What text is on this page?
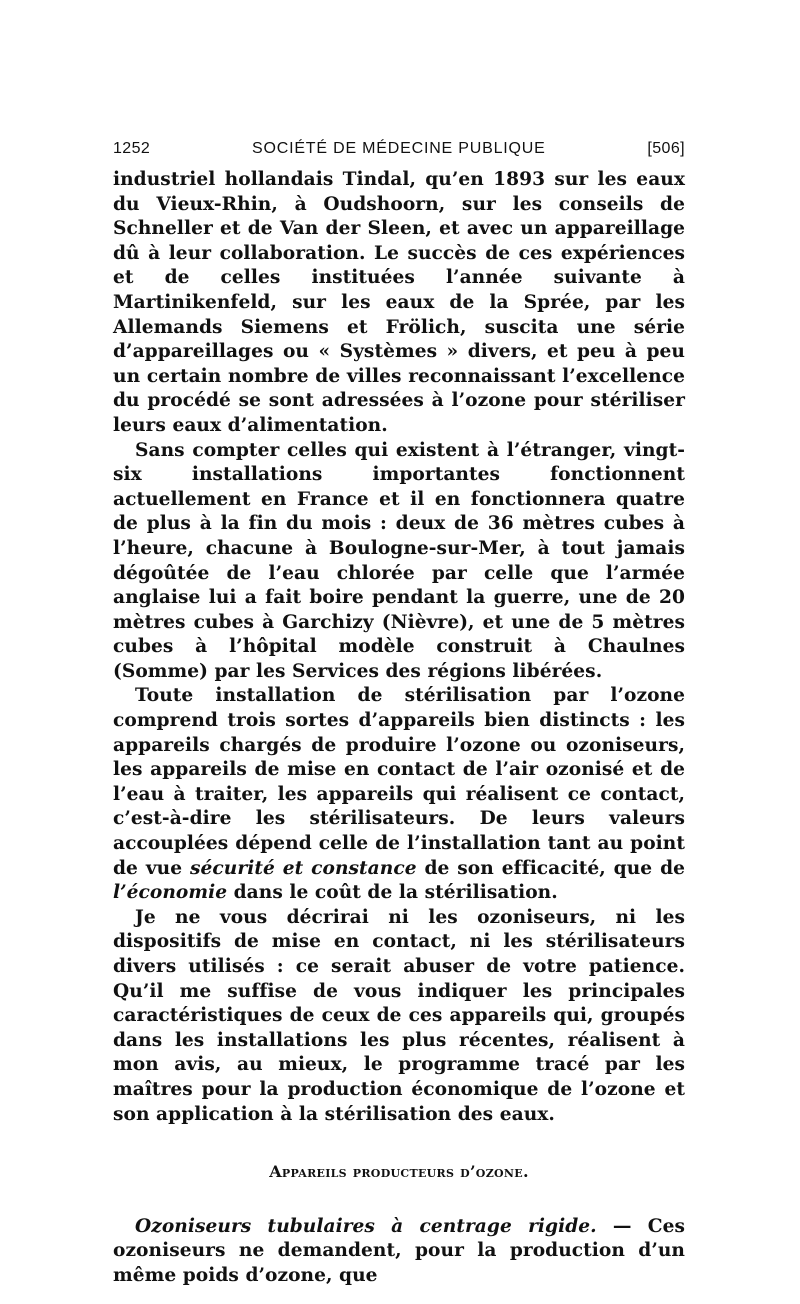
1252	SOCIÉTÉ DE MÉDECINE PUBLIQUE	[506]

industriel hollandais Tindal, qu’en 1893 sur les eaux du Vieux-Rhin, à Oudshoorn, sur les conseils de Schneller et de Van der Sleen, et avec un appareillage dû à leur collaboration. Le succès de ces expériences et de celles instituées l’année suivante à Martinikenfeld, sur les eaux de la Sprée, par les Allemands Siemens et Frölich, suscita une série d’appareillages ou « Systèmes » divers, et peu à peu un certain nombre de villes reconnaissant l’excellence du procédé se sont adressées à l’ozone pour stériliser leurs eaux d’alimentation.

Sans compter celles qui existent à l’étranger, vingt-six installations importantes fonctionnent actuellement en France et il en fonctionnera quatre de plus à la fin du mois : deux de 36 mètres cubes à l’heure, chacune à Boulogne-sur-Mer, à tout jamais dégoûtée de l’eau chlorée par celle que l’armée anglaise lui a fait boire pendant la guerre, une de 20 mètres cubes à Garchizy (Nièvre), et une de 5 mètres cubes à l’hôpital modèle construit à Chaulnes (Somme) par les Services des régions libérées.

Toute installation de stérilisation par l’ozone comprend trois sortes d’appareils bien distincts : les appareils chargés de produire l’ozone ou ozoniseurs, les appareils de mise en contact de l’air ozonisé et de l’eau à traiter, les appareils qui réalisent ce contact, c’est-à-dire les stérilisateurs. De leurs valeurs accouplées dépend celle de l’installation tant au point de vue sécurité et constance de son efficacité, que de l’économie dans le coût de la stérilisation.

Je ne vous décrirai ni les ozoniseurs, ni les dispositifs de mise en contact, ni les stérilisateurs divers utilisés : ce serait abuser de votre patience. Qu’il me suffise de vous indiquer les principales caractéristiques de ceux de ces appareils qui, groupés dans les installations les plus récentes, réalisent à mon avis, au mieux, le programme tracé par les maîtres pour la production économique de l’ozone et son application à la stérilisation des eaux.

Appareils producteurs d’ozone.

Ozoniseurs tubulaires à centrage rigide. — Ces ozoniseurs ne demandent, pour la production d’un même poids d’ozone, que
